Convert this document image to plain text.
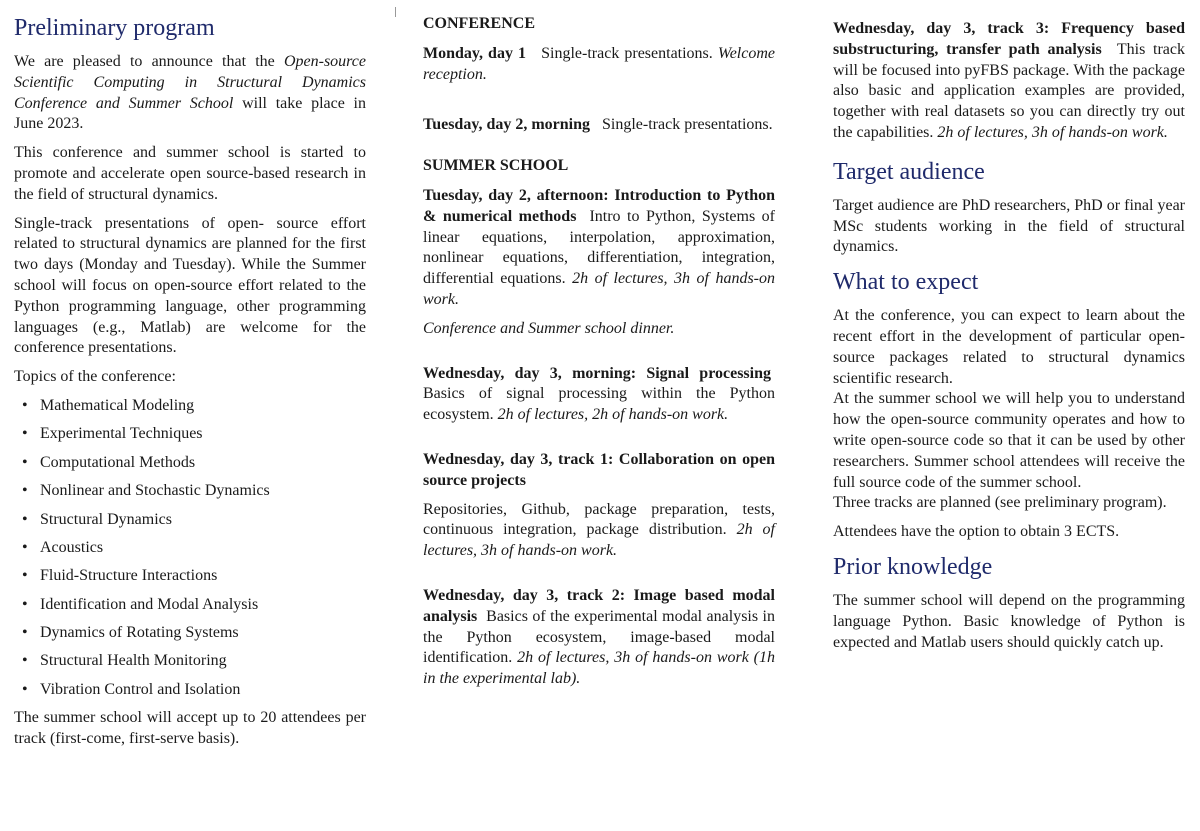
Preliminary program

We are pleased to announce that the Open-source Scientific Computing in Structural Dynamics Conference and Summer School will take place in June 2023.

This conference and summer school is started to promote and accelerate open source-based research in the field of structural dynamics.

Single-track presentations of open- source effort related to structural dynamics are planned for the first two days (Monday and Tuesday). While the Summer school will focus on open-source effort related to the Python programming language, other programming languages (e.g., Matlab) are welcome for the conference presentations.

Topics of the conference:

• Mathematical Modeling
• Experimental Techniques
• Computational Methods
• Nonlinear and Stochastic Dynamics
• Structural Dynamics
• Acoustics
• Fluid-Structure Interactions
• Identification and Modal Analysis
• Dynamics of Rotating Systems
• Structural Health Monitoring
• Vibration Control and Isolation

The summer school will accept up to 20 attendees per track (first-come, first-serve basis).

CONFERENCE

Monday, day 1 Single-track presentations. Welcome reception.

Tuesday, day 2, morning Single-track presentations.

SUMMER SCHOOL

Tuesday, day 2, afternoon: Introduction to Python & numerical methods Intro to Python, Systems of linear equations, interpolation, approximation, nonlinear equations, differentiation, integration, differential equations. 2h of lectures, 3h of hands-on work.

Conference and Summer school dinner.

Wednesday, day 3, morning: Signal processing  Basics of signal processing within the Python ecosystem. 2h of lectures, 2h of hands-on work.

Wednesday, day 3, track 1: Collaboration on open source projects

Repositories, Github, package preparation, tests, continuous integration, package distribution. 2h of lectures, 3h of hands-on work.

Wednesday, day 3, track 2: Image based modal analysis Basics of the experimental modal analysis in the Python ecosystem, image-based modal identification. 2h of lectures, 3h of hands-on work (1h in the experimental lab).

Wednesday, day 3, track 3: Frequency based substructuring, transfer path analysis This track will be focused into pyFBS package. With the package also basic and application examples are provided, together with real datasets so you can directly try out the capabilities. 2h of lectures, 3h of hands-on work.

Target audience

Target audience are PhD researchers, PhD or final year MSc students working in the field of structural dynamics.

What to expect

At the conference, you can expect to learn about the recent effort in the development of particular open-source packages related to structural dynamics scientific research.

At the summer school we will help you to understand how the open-source community operates and how to write open-source code so that it can be used by other researchers. Summer school attendees will receive the full source code of the summer school.

Three tracks are planned (see preliminary program).

Attendees have the option to obtain 3 ECTS.

Prior knowledge

The summer school will depend on the programming language Python. Basic knowledge of Python is expected and Matlab users should quickly catch up.
